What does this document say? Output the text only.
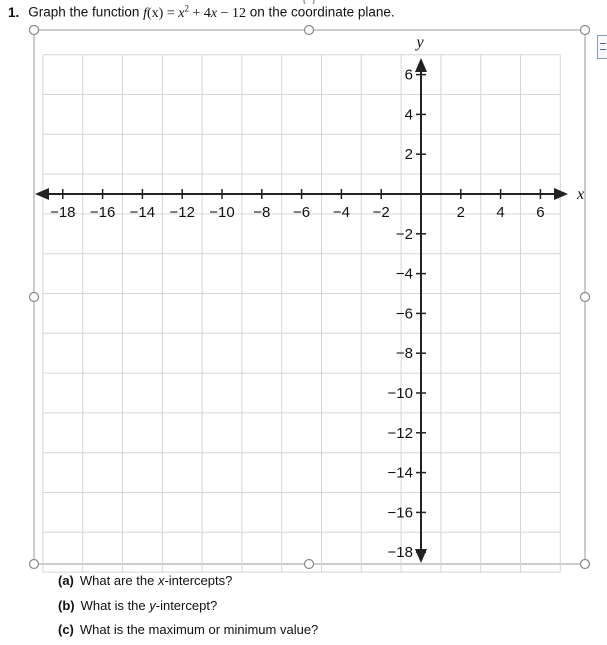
1. Graph the function $f(x) = x^2 + 4x - 12$ on the coordinate plane.
−18 −16 −14 −12 −10 −8 −6 −4 −2	2 4 6
6
4
2
−2
−4
−6
−8
−10
−12
−14
−16
−18
x
y
(a) What are the x-intercepts?
(b) What is the y-intercept?
(c) What is the maximum or minimum value?
